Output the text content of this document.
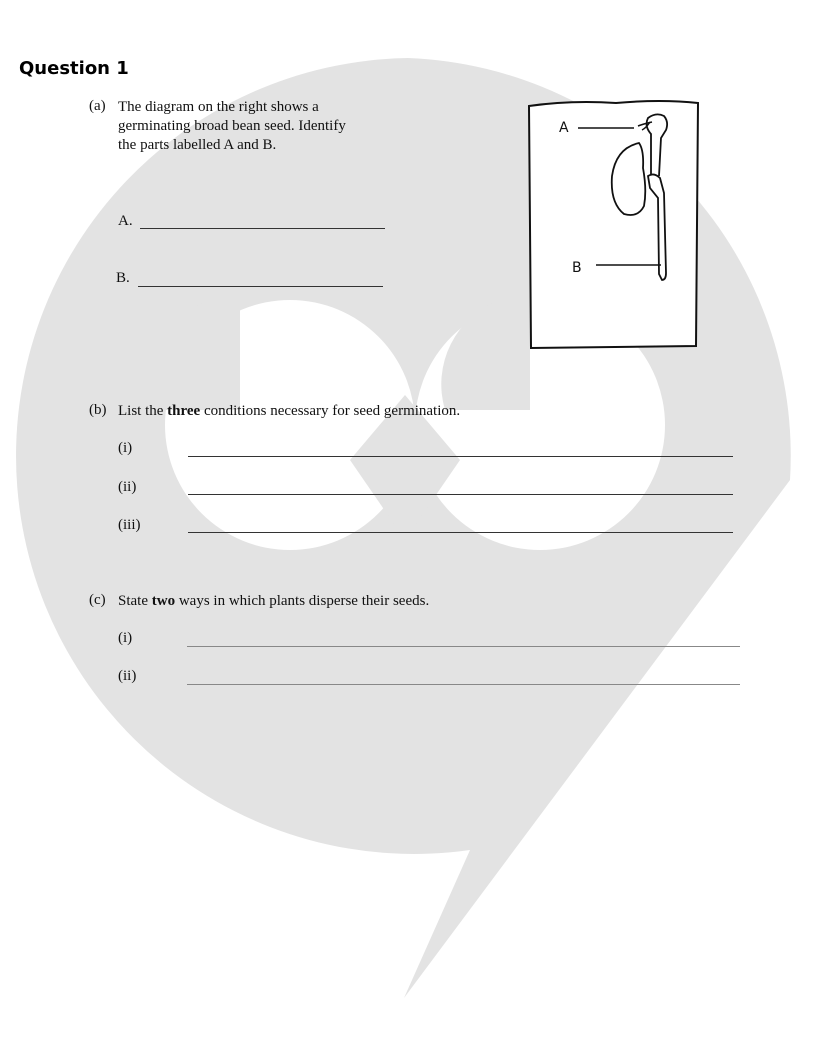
Question 1
(a) The diagram on the right shows a
germinating broad bean seed. Identify
the parts labelled A and B.
A.
B.
A
B
(b) List the three conditions necessary for seed germination.
(i)
(ii)
(iii)
(c) State two ways in which plants disperse their seeds.
(i)
(ii)
